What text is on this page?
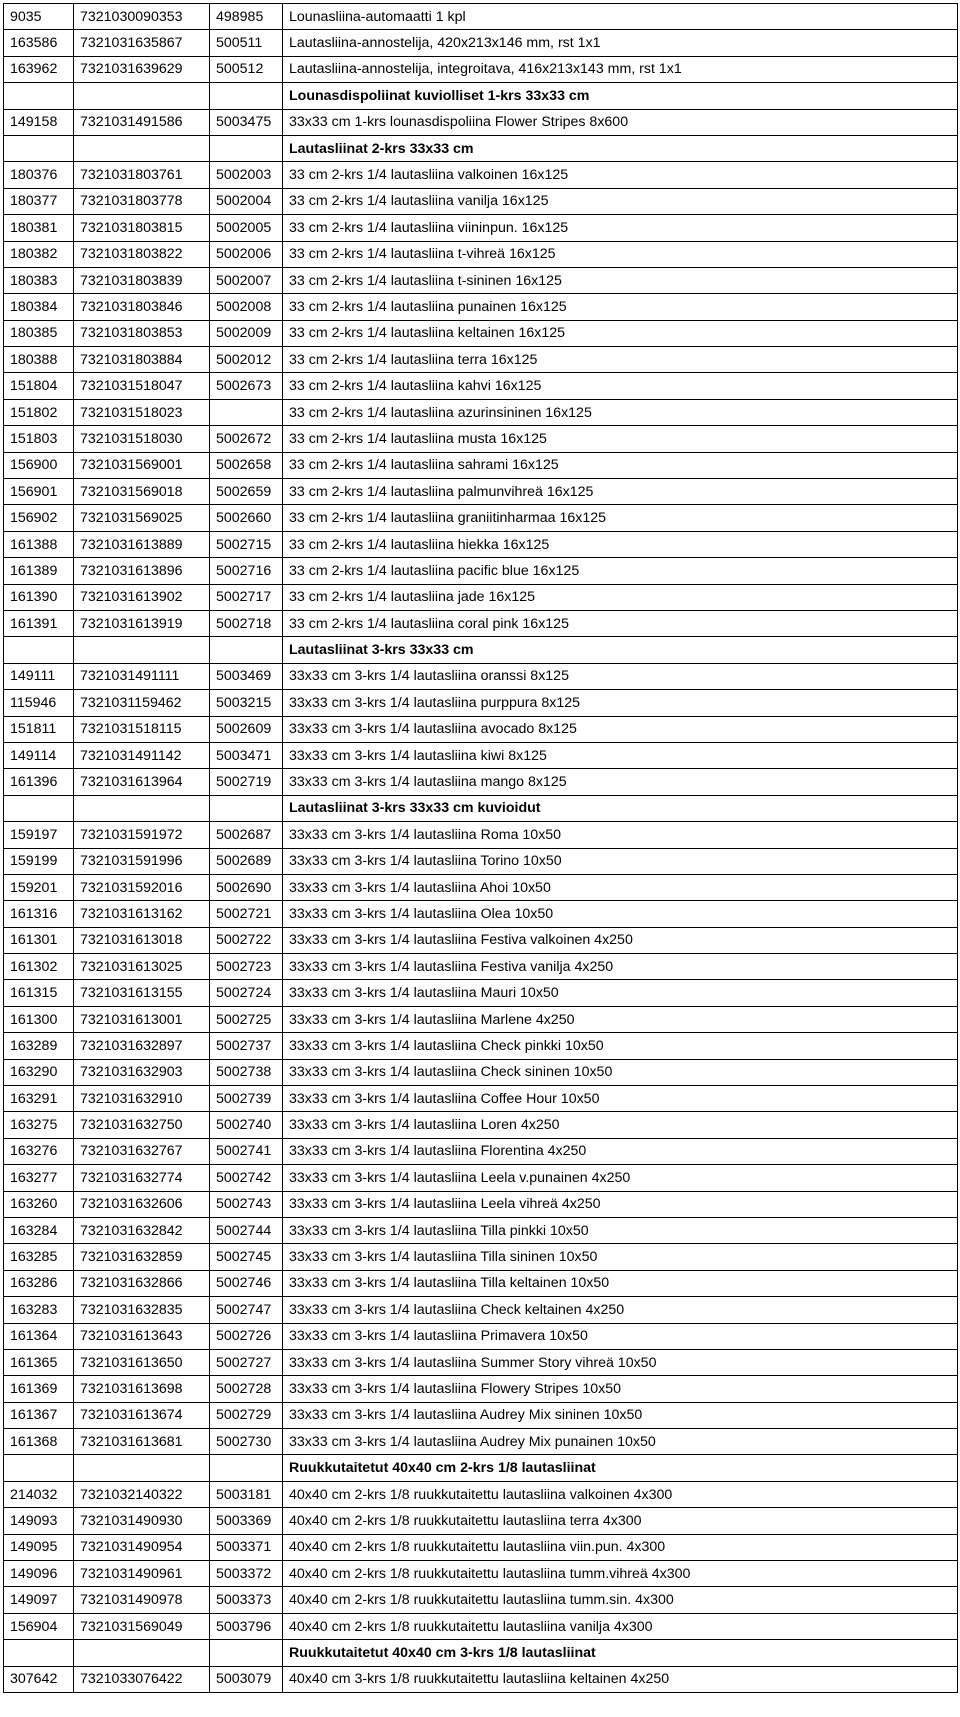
9035	7321030090353	498985	Lounasliina-automaatti 1 kpl
163586	7321031635867	500511	Lautasliina-annostelija, 420x213x146 mm, rst 1x1
163962	7321031639629	500512	Lautasliina-annostelija, integroitava, 416x213x143 mm, rst 1x1
			Lounasdispoliinat kuviolliset 1-krs 33x33 cm
149158	7321031491586	5003475	33x33 cm 1-krs lounasdispoliina Flower Stripes 8x600
			Lautasliinat 2-krs 33x33 cm
180376	7321031803761	5002003	33 cm 2-krs 1/4 lautasliina valkoinen 16x125
180377	7321031803778	5002004	33 cm 2-krs 1/4 lautasliina vanilja 16x125
180381	7321031803815	5002005	33 cm 2-krs 1/4 lautasliina viininpun. 16x125
180382	7321031803822	5002006	33 cm 2-krs 1/4 lautasliina t-vihreä 16x125
180383	7321031803839	5002007	33 cm 2-krs 1/4 lautasliina t-sininen 16x125
180384	7321031803846	5002008	33 cm 2-krs 1/4 lautasliina punainen 16x125
180385	7321031803853	5002009	33 cm 2-krs 1/4 lautasliina keltainen 16x125
180388	7321031803884	5002012	33 cm 2-krs 1/4 lautasliina terra 16x125
151804	7321031518047	5002673	33 cm 2-krs 1/4 lautasliina kahvi 16x125
151802	7321031518023		33 cm 2-krs 1/4 lautasliina azurinsininen 16x125
151803	7321031518030	5002672	33 cm 2-krs 1/4 lautasliina musta 16x125
156900	7321031569001	5002658	33 cm 2-krs 1/4 lautasliina sahrami 16x125
156901	7321031569018	5002659	33 cm 2-krs 1/4 lautasliina palmunvihreä 16x125
156902	7321031569025	5002660	33 cm 2-krs 1/4 lautasliina graniitinharmaa 16x125
161388	7321031613889	5002715	33 cm 2-krs 1/4 lautasliina hiekka 16x125
161389	7321031613896	5002716	33 cm 2-krs 1/4 lautasliina pacific blue 16x125
161390	7321031613902	5002717	33 cm 2-krs 1/4 lautasliina jade 16x125
161391	7321031613919	5002718	33 cm 2-krs 1/4 lautasliina coral pink 16x125
			Lautasliinat 3-krs 33x33 cm
149111	7321031491111	5003469	33x33 cm 3-krs 1/4 lautasliina oranssi 8x125
115946	7321031159462	5003215	33x33 cm 3-krs 1/4 lautasliina purppura 8x125
151811	7321031518115	5002609	33x33 cm 3-krs 1/4 lautasliina avocado 8x125
149114	7321031491142	5003471	33x33 cm 3-krs 1/4 lautasliina kiwi 8x125
161396	7321031613964	5002719	33x33 cm 3-krs 1/4 lautasliina mango 8x125
			Lautasliinat 3-krs 33x33 cm kuvioidut
159197	7321031591972	5002687	33x33 cm 3-krs 1/4 lautasliina Roma 10x50
159199	7321031591996	5002689	33x33 cm 3-krs 1/4 lautasliina Torino 10x50
159201	7321031592016	5002690	33x33 cm 3-krs 1/4 lautasliina Ahoi 10x50
161316	7321031613162	5002721	33x33 cm 3-krs 1/4 lautasliina Olea 10x50
161301	7321031613018	5002722	33x33 cm 3-krs 1/4 lautasliina Festiva valkoinen 4x250
161302	7321031613025	5002723	33x33 cm 3-krs 1/4 lautasliina Festiva vanilja 4x250
161315	7321031613155	5002724	33x33 cm 3-krs 1/4 lautasliina Mauri 10x50
161300	7321031613001	5002725	33x33 cm 3-krs 1/4 lautasliina Marlene 4x250
163289	7321031632897	5002737	33x33 cm 3-krs 1/4 lautasliina Check pinkki 10x50
163290	7321031632903	5002738	33x33 cm 3-krs 1/4 lautasliina Check sininen 10x50
163291	7321031632910	5002739	33x33 cm 3-krs 1/4 lautasliina Coffee Hour 10x50
163275	7321031632750	5002740	33x33 cm 3-krs 1/4 lautasliina Loren 4x250
163276	7321031632767	5002741	33x33 cm 3-krs 1/4 lautasliina Florentina 4x250
163277	7321031632774	5002742	33x33 cm 3-krs 1/4 lautasliina Leela v.punainen 4x250
163260	7321031632606	5002743	33x33 cm 3-krs 1/4 lautasliina Leela vihreä 4x250
163284	7321031632842	5002744	33x33 cm 3-krs 1/4 lautasliina Tilla pinkki 10x50
163285	7321031632859	5002745	33x33 cm 3-krs 1/4 lautasliina Tilla sininen 10x50
163286	7321031632866	5002746	33x33 cm 3-krs 1/4 lautasliina Tilla keltainen 10x50
163283	7321031632835	5002747	33x33 cm 3-krs 1/4 lautasliina Check keltainen 4x250
161364	7321031613643	5002726	33x33 cm 3-krs 1/4 lautasliina Primavera 10x50
161365	7321031613650	5002727	33x33 cm 3-krs 1/4 lautasliina Summer Story vihreä 10x50
161369	7321031613698	5002728	33x33 cm 3-krs 1/4 lautasliina Flowery Stripes 10x50
161367	7321031613674	5002729	33x33 cm 3-krs 1/4 lautasliina Audrey Mix sininen 10x50
161368	7321031613681	5002730	33x33 cm 3-krs 1/4 lautasliina Audrey Mix punainen 10x50
			Ruukkutaitetut 40x40 cm 2-krs 1/8 lautasliinat
214032	7321032140322	5003181	40x40 cm 2-krs 1/8 ruukkutaitettu lautasliina valkoinen 4x300
149093	7321031490930	5003369	40x40 cm 2-krs 1/8 ruukkutaitettu lautasliina terra 4x300
149095	7321031490954	5003371	40x40 cm 2-krs 1/8 ruukkutaitettu lautasliina viin.pun. 4x300
149096	7321031490961	5003372	40x40 cm 2-krs 1/8 ruukkutaitettu lautasliina tumm.vihreä 4x300
149097	7321031490978	5003373	40x40 cm 2-krs 1/8 ruukkutaitettu lautasliina tumm.sin. 4x300
156904	7321031569049	5003796	40x40 cm 2-krs 1/8 ruukkutaitettu lautasliina vanilja 4x300
			Ruukkutaitetut 40x40 cm 3-krs 1/8 lautasliinat
307642	7321033076422	5003079	40x40 cm 3-krs 1/8 ruukkutaitettu lautasliina keltainen 4x250
